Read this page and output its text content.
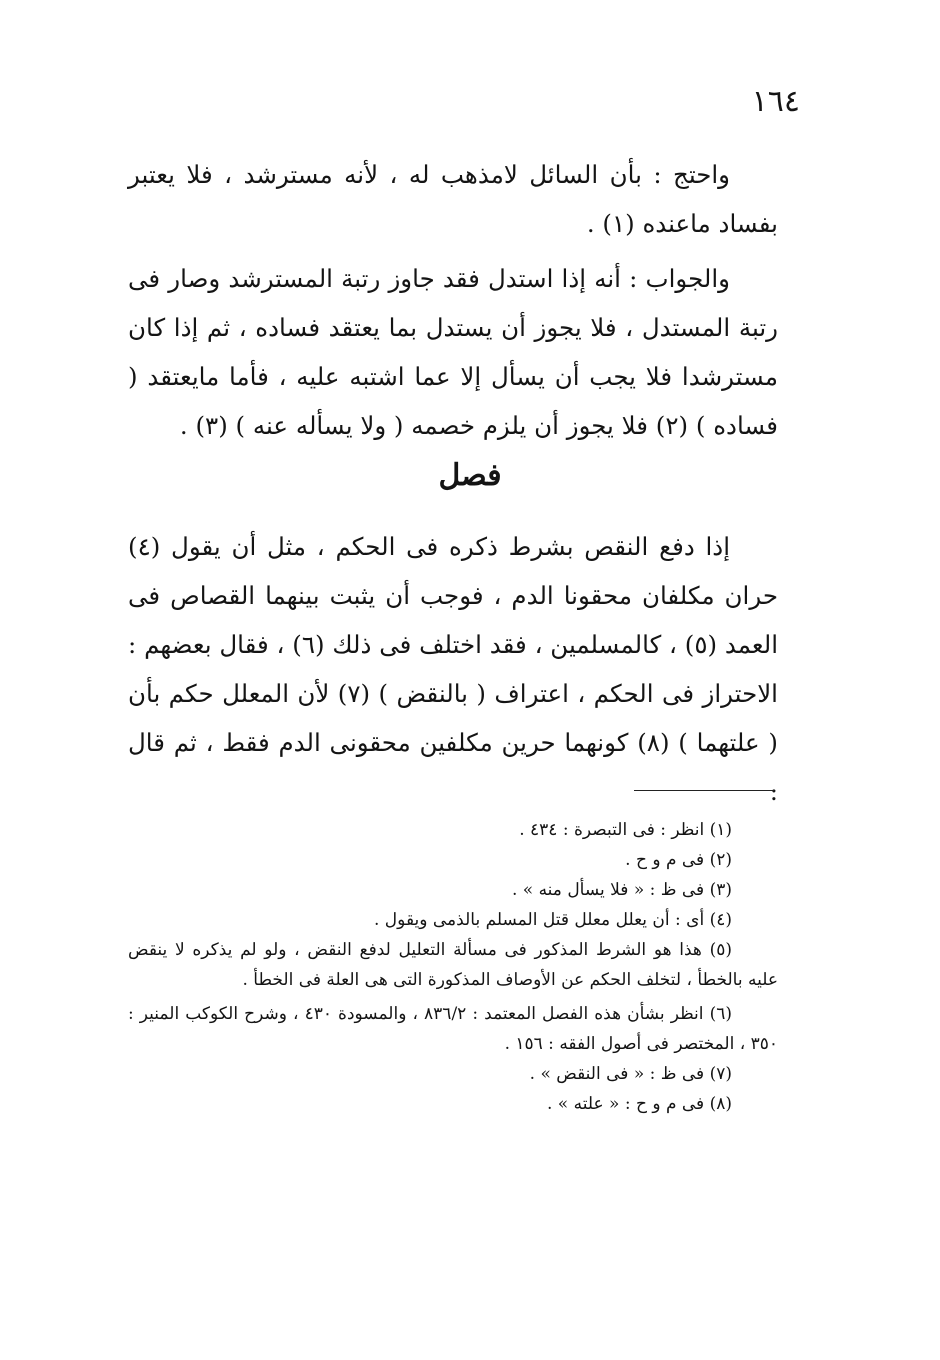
١٦٤

واحتج : بأن السائل لامذهب له ، لأنه مسترشد ، فلا يعتبر بفساد ماعنده (١) .

والجواب : أنه إذا استدل فقد جاوز رتبة المسترشد وصار فى رتبة المستدل ، فلا يجوز أن يستدل بما يعتقد فساده ، ثم إذا كان مسترشدا فلا يجب أن يسأل إلا عما اشتبه عليه ، فأما مايعتقد ( فساده ) (٢) فلا يجوز أن يلزم خصمه ( ولا يسأله عنه ) (٣) .

فصل

إذا دفع النقص بشرط ذكره فى الحكم ، مثل أن يقول (٤) حران مكلفان محقونا الدم ، فوجب أن يثبت بينهما القصاص فى العمد (٥) ، كالمسلمين ، فقد اختلف فى ذلك (٦) ، فقال بعضهم : الاحتراز فى الحكم ، اعتراف ( بالنقض ) (٧) لأن المعلل حكم بأن ( علتهما ) (٨) كونهما حرين مكلفين محقونى الدم فقط ، ثم قال :

(١) انظر : فى التبصرة : ٤٣٤ .

(٢) فى م و ح .

(٣) فى ظ : « فلا يسأل منه » .

(٤) أى : أن يعلل معلل قتل المسلم بالذمى ويقول .

(٥) هذا هو الشرط المذكور فى مسألة التعليل لدفع النقض ، ولو لم يذكره لا ينقض عليه بالخطأ ، لتخلف الحكم عن الأوصاف المذكورة التى هى العلة فى الخطأ .

(٦) انظر بشأن هذه الفصل المعتمد : ٨٣٦/٢ ، والمسودة ٤٣٠ ، وشرح الكوكب المنير : ٣٥٠ ، المختصر فى أصول الفقه : ١٥٦ .

(٧) فى ظ : « فى النقض » .

(٨) فى م و ح : « علته » .
